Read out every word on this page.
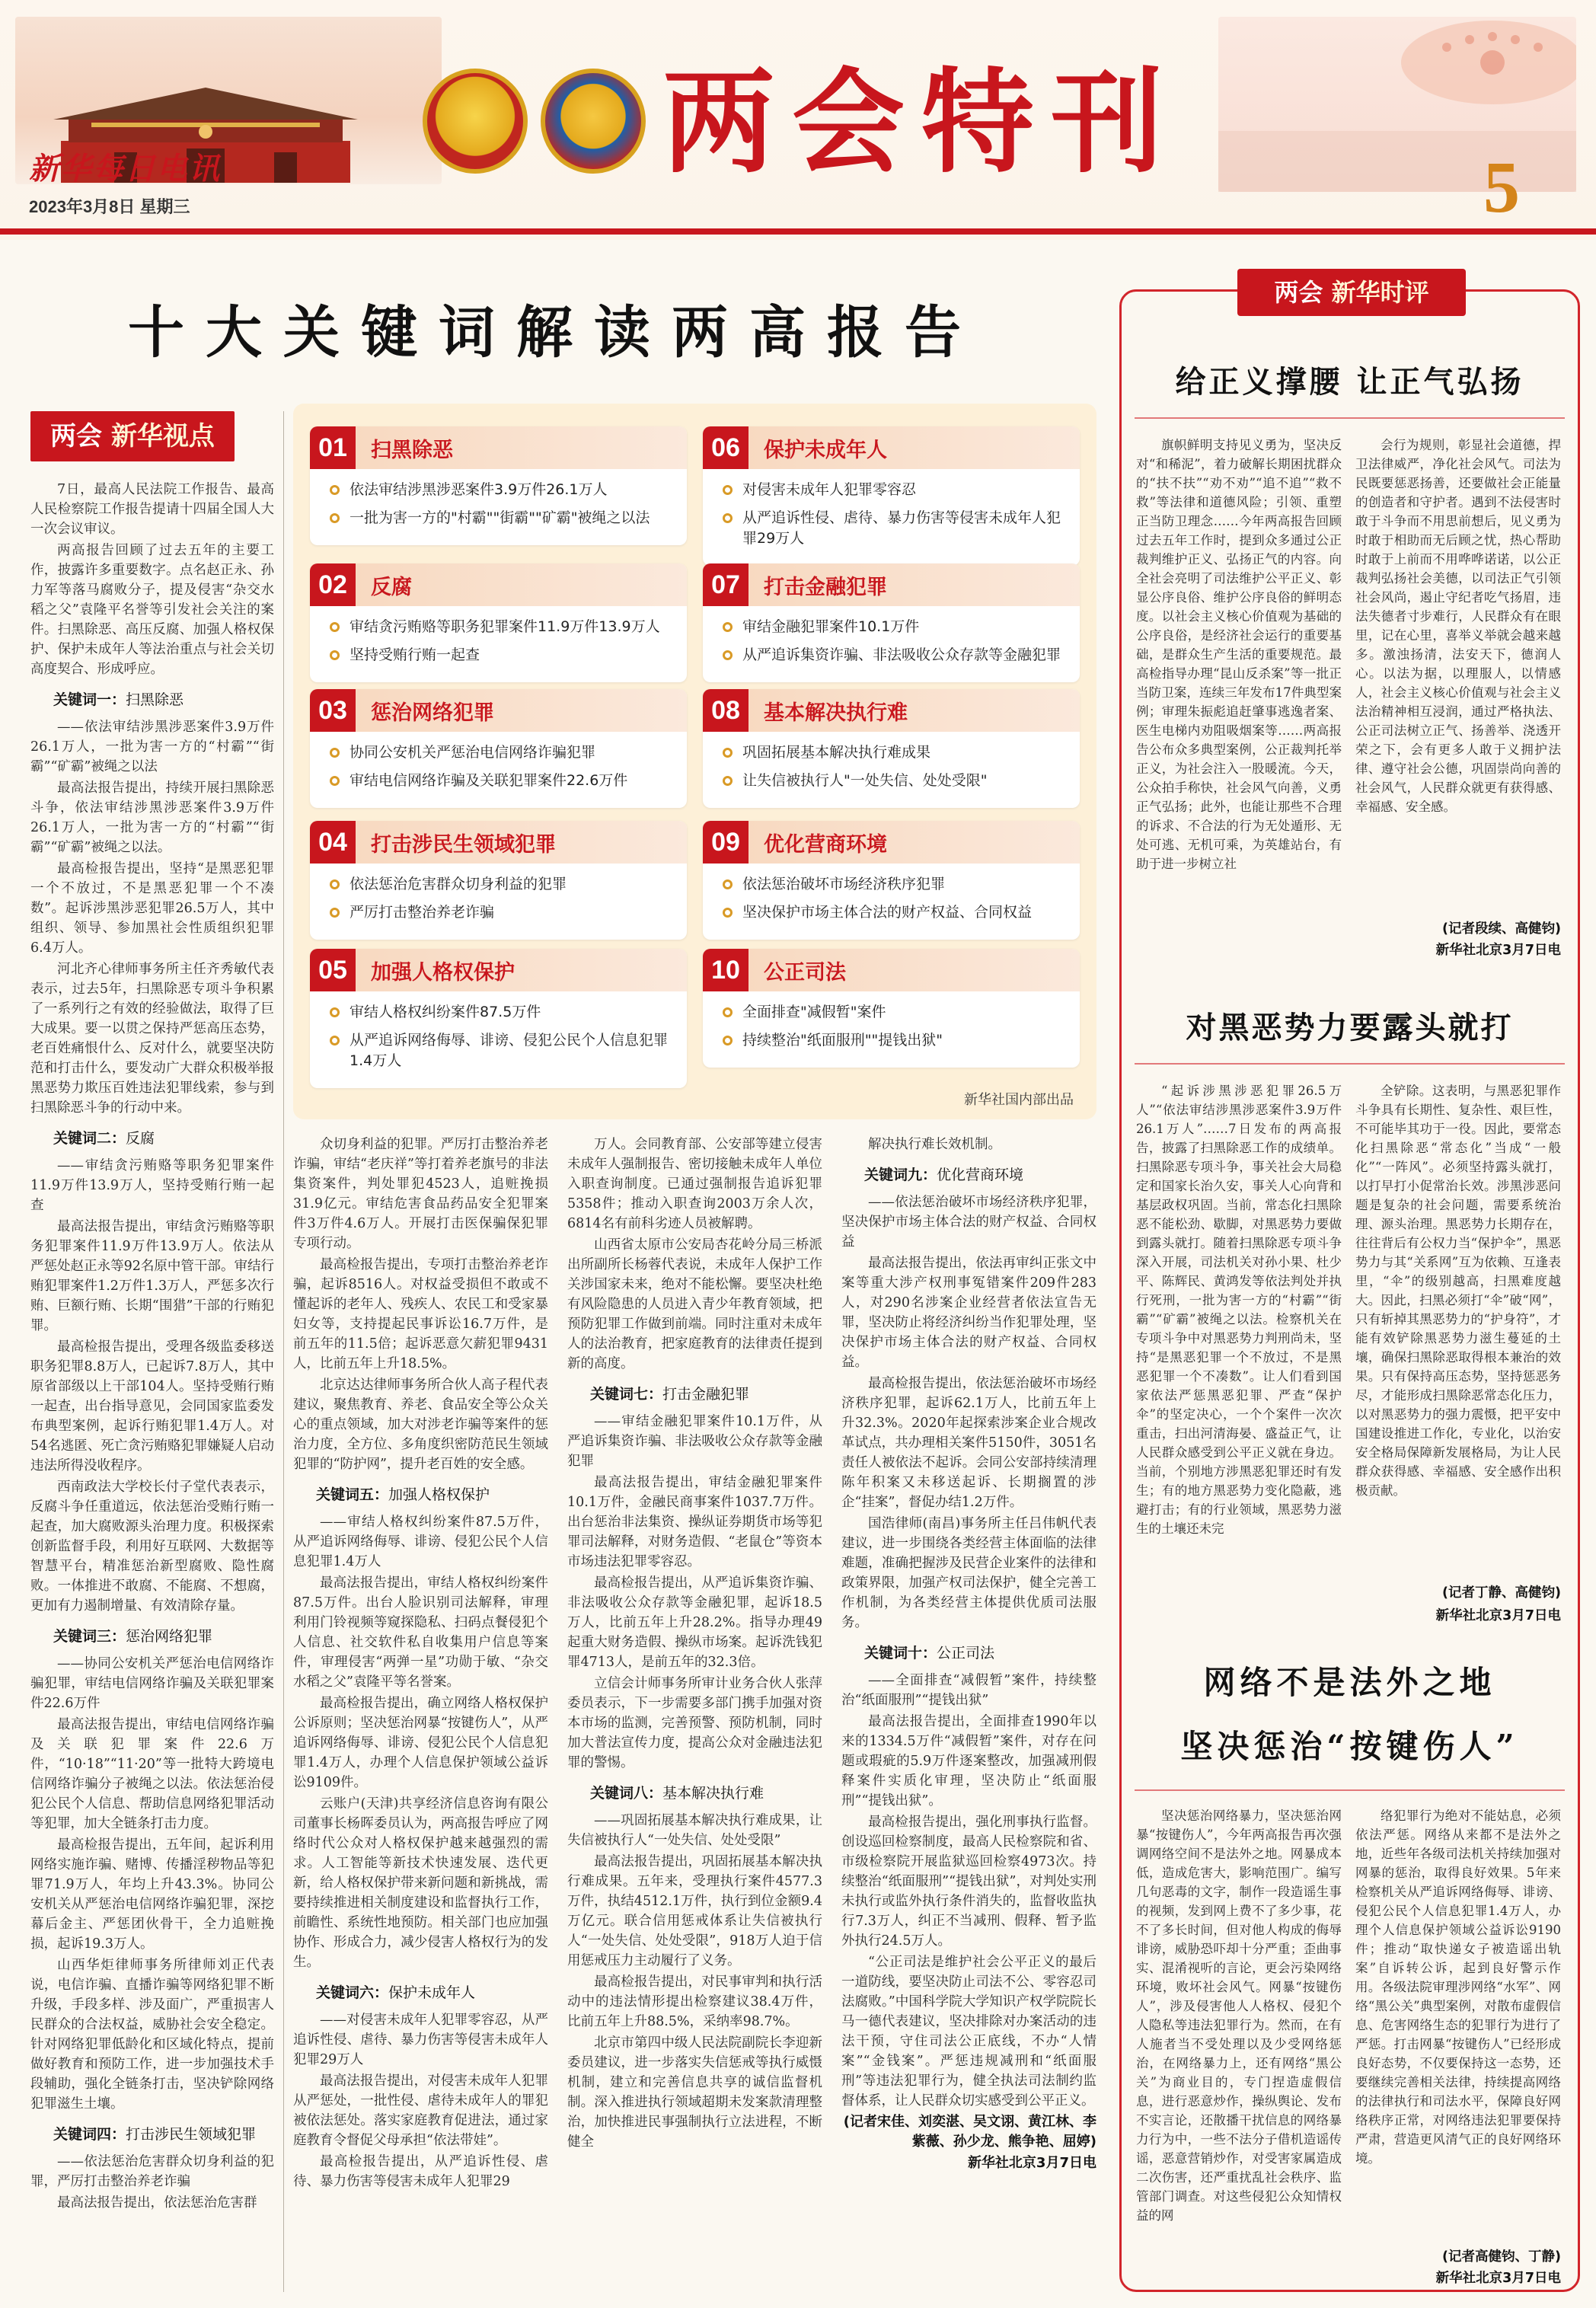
新华每日电讯
2023年3月8日 星期三
两会特刊	5
十大关键词解读两高报告
两会 新华视点

7日，最高人民法院工作报告、最高人民检察院工作报告提请十四届全国人大一次会议审议。

两高报告回顾了过去五年的主要工作，披露许多重要数字。点名赵正永、孙力军等落马腐败分子，提及侵害“杂交水稻之父”袁隆平名誉等引发社会关注的案件。扫黑除恶、高压反腐、加强人格权保护、保护未成年人等法治重点与社会关切高度契合、形成呼应。

关键词一：扫黑除恶

——依法审结涉黑涉恶案件3.9万件26.1万人，一批为害一方的“村霸”“街霸”“矿霸”被绳之以法

最高法报告提出，持续开展扫黑除恶斗争，依法审结涉黑涉恶案件3.9万件26.1万人，一批为害一方的“村霸”“街霸”“矿霸”被绳之以法。

最高检报告提出，坚持“是黑恶犯罪一个不放过，不是黑恶犯罪一个不凑数”。起诉涉黑涉恶犯罪26.5万人，其中组织、领导、参加黑社会性质组织犯罪6.4万人。

河北齐心律师事务所主任齐秀敏代表表示，过去5年，扫黑除恶专项斗争积累了一系列行之有效的经验做法，取得了巨大成果。要一以贯之保持严惩高压态势，老百姓痛恨什么、反对什么，就要坚决防范和打击什么，要发动广大群众积极举报黑恶势力欺压百姓违法犯罪线索，参与到扫黑除恶斗争的行动中来。

关键词二：反腐

——审结贪污贿赂等职务犯罪案件11.9万件13.9万人，坚持受贿行贿一起查

最高法报告提出，审结贪污贿赂等职务犯罪案件11.9万件13.9万人。依法从严惩处赵正永等92名原中管干部。审结行贿犯罪案件1.2万件1.3万人，严惩多次行贿、巨额行贿、长期“围猎”干部的行贿犯罪。

最高检报告提出，受理各级监委移送职务犯罪8.8万人，已起诉7.8万人，其中原省部级以上干部104人。坚持受贿行贿一起查，出台指导意见，会同国家监委发布典型案例，起诉行贿犯罪1.4万人。对54名逃匿、死亡贪污贿赂犯罪嫌疑人启动违法所得没收程序。

西南政法大学校长付子堂代表表示，反腐斗争任重道远，依法惩治受贿行贿一起查，加大腐败源头治理力度。积极探索创新监督手段，利用好互联网、大数据等智慧平台，精准惩治新型腐败、隐性腐败。一体推进不敢腐、不能腐、不想腐，更加有力遏制增量、有效清除存量。

关键词三：惩治网络犯罪

——协同公安机关严惩治电信网络诈骗犯罪，审结电信网络诈骗及关联犯罪案件22.6万件

最高法报告提出，审结电信网络诈骗及关联犯罪案件22.6万件，“10·18”“11·20”等一批特大跨境电信网络诈骗分子被绳之以法。依法惩治侵犯公民个人信息、帮助信息网络犯罪活动等犯罪，加大全链条打击力度。

最高检报告提出，五年间，起诉利用网络实施诈骗、赌博、传播淫秽物品等犯罪71.9万人，年均上升43.3%。协同公安机关从严惩治电信网络诈骗犯罪，深挖幕后金主、严惩团伙骨干，全力追赃挽损，起诉19.3万人。

山西华炬律师事务所律师刘正代表说，电信诈骗、直播诈骗等网络犯罪不断升级，手段多样、涉及面广，严重损害人民群众的合法权益，威胁社会安全稳定。针对网络犯罪低龄化和区域化特点，提前做好教育和预防工作，进一步加强技术手段辅助，强化全链条打击，坚决铲除网络犯罪滋生土壤。

关键词四：打击涉民生领域犯罪

——依法惩治危害群众切身利益的犯罪，严厉打击整治养老诈骗

最高法报告提出，依法惩治危害群

众切身利益的犯罪。严厉打击整治养老诈骗，审结“老庆祥”等打着养老旗号的非法集资案件，判处罪犯4523人，追赃挽损31.9亿元。审结危害食品药品安全犯罪案件3万件4.6万人。开展打击医保骗保犯罪专项行动。

最高检报告提出，专项打击整治养老诈骗，起诉8516人。对权益受损但不敢或不懂起诉的老年人、残疾人、农民工和受家暴妇女等，支持提起民事诉讼16.7万件，是前五年的11.5倍；起诉恶意欠薪犯罪9431人，比前五年上升18.5%。

北京达达律师事务所合伙人高子程代表建议，聚焦教育、养老、食品安全等公众关心的重点领域，加大对涉老诈骗等案件的惩治力度，全方位、多角度织密防范民生领域犯罪的“防护网”，提升老百姓的安全感。

关键词五：加强人格权保护

——审结人格权纠纷案件87.5万件，从严追诉网络侮辱、诽谤、侵犯公民个人信息犯罪1.4万人

最高法报告提出，审结人格权纠纷案件87.5万件。出台人脸识别司法解释，审理利用门铃视频等窥探隐私、扫码点餐侵犯个人信息、社交软件私自收集用户信息等案件，审理侵害“两弹一星”功勋于敏、“杂交水稻之父”袁隆平等名誉案。

最高检报告提出，确立网络人格权保护公诉原则；坚决惩治网暴“按键伤人”，从严追诉网络侮辱、诽谤、侵犯公民个人信息犯罪1.4万人，办理个人信息保护领域公益诉讼9109件。

云账户(天津)共享经济信息咨询有限公司董事长杨晖委员认为，两高报告呼应了网络时代公众对人格权保护越来越强烈的需求。人工智能等新技术快速发展、迭代更新，给人格权保护带来新问题和新挑战，需要持续推进相关制度建设和监督执行工作，前瞻性、系统性地预防。相关部门也应加强协作、形成合力，减少侵害人格权行为的发生。

关键词六：保护未成年人

——对侵害未成年人犯罪零容忍，从严追诉性侵、虐待、暴力伤害等侵害未成年人犯罪29万人

最高法报告提出，对侵害未成年人犯罪从严惩处，一批性侵、虐待未成年人的罪犯被依法惩处。落实家庭教育促进法，通过家庭教育令督促父母承担“依法带娃”。

最高检报告提出，从严追诉性侵、虐待、暴力伤害等侵害未成年人犯罪29

万人。会同教育部、公安部等建立侵害未成年人强制报告、密切接触未成年人单位入职查询制度。已通过强制报告追诉犯罪5358件；推动入职查询2003万余人次，6814名有前科劣迹人员被解聘。

山西省太原市公安局杏花岭分局三桥派出所副所长杨蓉代表说，未成年人保护工作关涉国家未来，绝对不能松懈。要坚决杜绝有风险隐患的人员进入青少年教育领域，把预防犯罪工作做到前端。同时注重对未成年人的法治教育，把家庭教育的法律责任提到新的高度。

关键词七：打击金融犯罪

——审结金融犯罪案件10.1万件，从严追诉集资诈骗、非法吸收公众存款等金融犯罪

最高法报告提出，审结金融犯罪案件10.1万件，金融民商事案件1037.7万件。出台惩治非法集资、操纵证券期货市场等犯罪司法解释，对财务造假、“老鼠仓”等资本市场违法犯罪零容忍。

最高检报告提出，从严追诉集资诈骗、非法吸收公众存款等金融犯罪，起诉18.5万人，比前五年上升28.2%。指导办理49起重大财务造假、操纵市场案。起诉洗钱犯罪4713人，是前五年的32.3倍。

立信会计师事务所审计业务合伙人张萍委员表示，下一步需要多部门携手加强对资本市场的监测，完善预警、预防机制，同时加大普法宣传力度，提高公众对金融违法犯罪的警惕。

关键词八：基本解决执行难

——巩固拓展基本解决执行难成果，让失信被执行人“一处失信、处处受限”

最高法报告提出，巩固拓展基本解决执行难成果。五年来，受理执行案件4577.3万件，执结4512.1万件，执行到位金额9.4万亿元。联合信用惩戒体系让失信被执行人“一处失信、处处受限”，918万人迫于信用惩戒压力主动履行了义务。

最高检报告提出，对民事审判和执行活动中的违法情形提出检察建议38.4万件，比前五年上升88.5%，采纳率98.7%。

北京市第四中级人民法院副院长李迎新委员建议，进一步落实失信惩戒等执行威慑机制，建立和完善信息共享的诚信监督机制。深入推进执行领域超期未发案款清理整治，加快推进民事强制执行立法进程，不断健全

解决执行难长效机制。

关键词九：优化营商环境

——依法惩治破坏市场经济秩序犯罪，坚决保护市场主体合法的财产权益、合同权益

最高法报告提出，依法再审纠正张文中案等重大涉产权刑事冤错案件209件283人，对290名涉案企业经营者依法宣告无罪，坚决防止将经济纠纷当作犯罪处理，坚决保护市场主体合法的财产权益、合同权益。

最高检报告提出，依法惩治破坏市场经济秩序犯罪，起诉62.1万人，比前五年上升32.3%。2020年起探索涉案企业合规改革试点，共办理相关案件5150件，3051名责任人被依法不起诉。会同公安部持续清理陈年积案又未移送起诉、长期搁置的涉企“挂案”，督促办结1.2万件。

国浩律师(南昌)事务所主任吕伟帆代表建议，进一步围绕各类经营主体面临的法律难题，准确把握涉及民营企业案件的法律和政策界限，加强产权司法保护，健全完善工作机制，为各类经营主体提供优质司法服务。

关键词十：公正司法

——全面排查“减假暂”案件，持续整治“纸面服刑”“提钱出狱”

最高法报告提出，全面排查1990年以来的1334.5万件“减假暂”案件，对存在问题或瑕疵的5.9万件逐案整改，加强减刑假释案件实质化审理，坚决防止“纸面服刑”“提钱出狱”。

最高检报告提出，强化刑事执行监督。创设巡回检察制度，最高人民检察院和省、市级检察院开展监狱巡回检察4973次。持续整治“纸面服刑”“提钱出狱”，对判处实刑未执行或监外执行条件消失的，监督收监执行7.3万人，纠正不当减刑、假释、暂予监外执行24.5万人。

“公正司法是维护社会公平正义的最后一道防线，要坚决防止司法不公、零容忍司法腐败。”中国科学院大学知识产权学院院长马一德代表建议，坚决排除对办案活动的违法干预，守住司法公正底线，不办“人情案”“金钱案”。严惩违规减刑和“纸面服刑”等违法犯罪行为，健全执法司法制约监督体系，让人民群众切实感受到公平正义。

(记者宋佳、刘奕湛、吴文诩、黄江林、李紫薇、孙少龙、熊争艳、屈婷)

新华社北京3月7日电

新华社国内部出品
01	扫黑除恶
依法审结涉黑涉恶案件3.9万件26.1万人
一批为害一方的"村霸""街霸""矿霸"被绳之以法
02	反腐
审结贪污贿赂等职务犯罪案件11.9万件13.9万人
坚持受贿行贿一起查
03	惩治网络犯罪
协同公安机关严惩治电信网络诈骗犯罪
审结电信网络诈骗及关联犯罪案件22.6万件
04	打击涉民生领域犯罪
依法惩治危害群众切身利益的犯罪
严厉打击整治养老诈骗
05	加强人格权保护
审结人格权纠纷案件87.5万件
从严追诉网络侮辱、诽谤、侵犯公民个人信息犯罪1.4万人
06	保护未成年人
对侵害未成年人犯罪零容忍
从严追诉性侵、虐待、暴力伤害等侵害未成年人犯罪29万人
07	打击金融犯罪
审结金融犯罪案件10.1万件
从严追诉集资诈骗、非法吸收公众存款等金融犯罪
08	基本解决执行难
巩固拓展基本解决执行难成果
让失信被执行人"一处失信、处处受限"
09	优化营商环境
依法惩治破坏市场经济秩序犯罪
坚决保护市场主体合法的财产权益、合同权益
10	公正司法
全面排查"减假暂"案件
持续整治"纸面服刑""提钱出狱"
两会 新华时评
给正义撑腰 让正气弘扬
旗帜鲜明支持见义勇为，坚决反对“和稀泥”，着力破解长期困扰群众的“扶不扶”“劝不劝”“追不追”“救不救”等法律和道德风险；引领、重塑正当防卫理念……今年两高报告回顾过去五年工作时，提到众多通过公正裁判维护正义、弘扬正气的内容。向全社会亮明了司法维护公平正义、彰显公序良俗、维护公序良俗的鲜明态度。以社会主义核心价值观为基础的公序良俗，是经济社会运行的重要基础，是群众生产生活的重要规范。最高检指导办理“昆山反杀案”等一批正当防卫案，连续三年发布17件典型案例；审理朱振彪追赶肇事逃逸者案、医生电梯内劝阻吸烟案等……两高报告公布众多典型案例，公正裁判托举正义，为社会注入一股暖流。今天，公众拍手称快，社会风气向善，义勇正气弘扬；此外，也能让那些不合理的诉求、不合法的行为无处遁形、无处可逃、无机可乘，为英雄站台，有助于进一步树立社
会行为规则，彰显社会道德，捍卫法律威严，净化社会风气。司法为民既要惩恶扬善，还要做社会正能量的创造者和守护者。遇到不法侵害时敢于斗争而不用思前想后，见义勇为时敢于相助而无后顾之忧，热心帮助时敢于上前而不用哗哗诺诺，以公正裁判弘扬社会美德，以司法正气引领社会风尚，遏止守纪者吃气扬眉，违法失德者寸步难行，人民群众有在眼里，记在心里，喜举义举就会越来越多。激浊扬清，法安天下，德润人心。以法为据，以理服人，以情感人，社会主义核心价值观与社会主义法治精神相互浸润，通过严格执法、公正司法树立正气、扬善举、浇透开荣之下，会有更多人敢于义拥护法律、遵守社会公德，巩固崇尚向善的社会风气，人民群众就更有获得感、幸福感、安全感。
(记者段续、高健钧)
新华社北京3月7日电
对黑恶势力要露头就打
“起诉涉黑涉恶犯罪26.5万人”“依法审结涉黑涉恶案件3.9万件26.1万人”……7日发布的两高报告，披露了扫黑除恶工作的成绩单。扫黑除恶专项斗争，事关社会大局稳定和国家长治久安，事关人心向背和基层政权巩固。当前，常态化扫黑除恶不能松劲、歇脚，对黑恶势力要做到露头就打。随着扫黑除恶专项斗争深入开展，司法机关对孙小果、杜少平、陈辉民、黄鸿发等依法判处并执行死刑，一批为害一方的“村霸”“街霸”“矿霸”被绳之以法。检察机关在专项斗争中对黑恶势力判刑尚未，坚持“是黑恶犯罪一个不放过，不是黑恶犯罪一个不凑数”。让人们看到国家依法严惩黑恶犯罪、严查“保护伞”的坚定决心，一个个案件一次次重击，扫出河清海晏、盛益正气，让人民群众感受到公平正义就在身边。当前，个别地方涉黑恶犯罪还时有发生；有的地方黑恶势力变化隐蔽，逃避打击；有的行业领域，黑恶势力滋生的土壤还未完
全铲除。这表明，与黑恶犯罪作斗争具有长期性、复杂性、艰巨性，不可能毕其功于一役。因此，要常态化扫黑除恶“常态化”当成“一般化”“一阵风”。必须坚持露头就打，以打早打小促常治长效。涉黑涉恶问题是复杂的社会问题，需要系统治理、源头治理。黑恶势力长期存在，往往背后有公权力当“保护伞”，黑恶势力与其“关系网”互为依赖、互逢表里，“伞”的级别越高，扫黑难度越大。因此，扫黑必须打“伞”破“网”，只有斩掉其黑恶势力的“护身符”，才能有效铲除黑恶势力滋生蔓延的土壤，确保扫黑除恶取得根本兼治的效果。只有保持高压态势，坚持惩恶务尽，才能形成扫黑除恶常态化压力，以对黑恶势力的强力震慑，把平安中国建设推进工作化，专业化，以治安安全格局保障新发展格局，为让人民群众获得感、幸福感、安全感作出积极贡献。
(记者丁静、高健钧)
新华社北京3月7日电
网络不是法外之地
坚决惩治“按键伤人”
坚决惩治网络暴力，坚决惩治网暴“按键伤人”，今年两高报告再次强调网络空间不是法外之地。网暴成本低，造成危害大，影响范围广。编写几句恶毒的文字，制作一段造谣生事的视频，发到网上费不了多少事，花不了多长时间，但对他人构成的侮辱诽谤，威胁恐吓却十分严重；歪曲事实、混淆视听的言论，更会污染网络环境，败坏社会风气。网暴“按键伤人”，涉及侵害他人人格权、侵犯个人隐私等违法犯罪行为。然而，在有人施者当不受处理以及少受网络惩治，在网络暴力上，还有网络“黑公关”为商业目的，专门捏造虚假信息，进行恶意炒作，操纵舆论、发布不实言论，还散播干扰信息的网络暴力行为中，一些不法分子借机造谣传谣，恶意营销炒作，对受害家属造成二次伤害，还严重扰乱社会秩序、监管部门调查。对这些侵犯公众知情权益的网
络犯罪行为绝对不能姑息，必须依法严惩。网络从来都不是法外之地，近些年各级司法机关持续加强对网暴的惩治，取得良好效果。5年来检察机关从严追诉网络侮辱、诽谤、侵犯公民个人信息犯罪1.4万人，办理个人信息保护领域公益诉讼9190件；推动“取快递女子被造谣出轨案”自诉转公诉，起到良好警示作用。各级法院审理涉网络“水军”、网络“黑公关”典型案例，对散布虚假信息、危害网络生态的犯罪行为进行了严惩。打击网暴“按键伤人”已经形成良好态势，不仅要保持这一态势，还要继续完善相关法律，持续提高网络的法律执行和司法水平，保障良好网络秩序正常，对网络违法犯罪要保持严肃，营造更风清气正的良好网络环境。
(记者高健钧、丁静)
新华社北京3月7日电
